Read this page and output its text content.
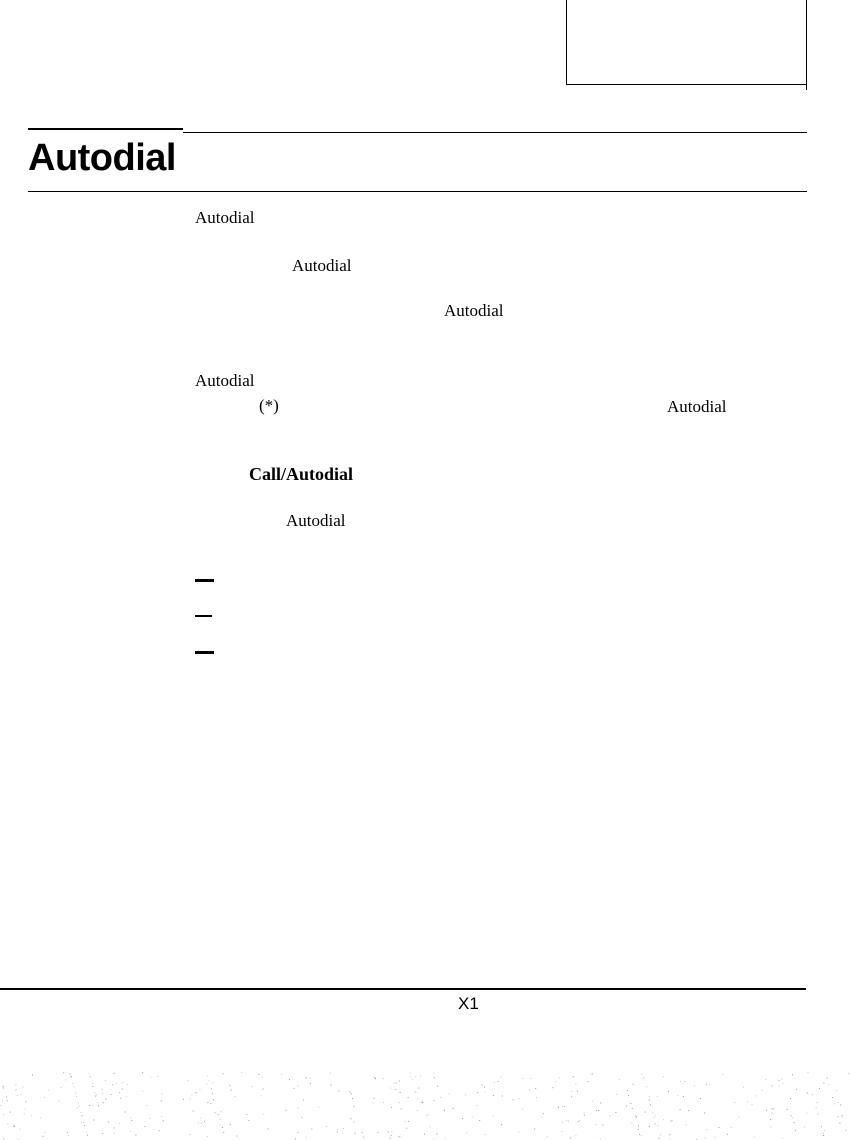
Autodial
Autodial
Autodial
Autodial
Autodial
(*)	Autodial
Call/Autodial
Autodial
X1
